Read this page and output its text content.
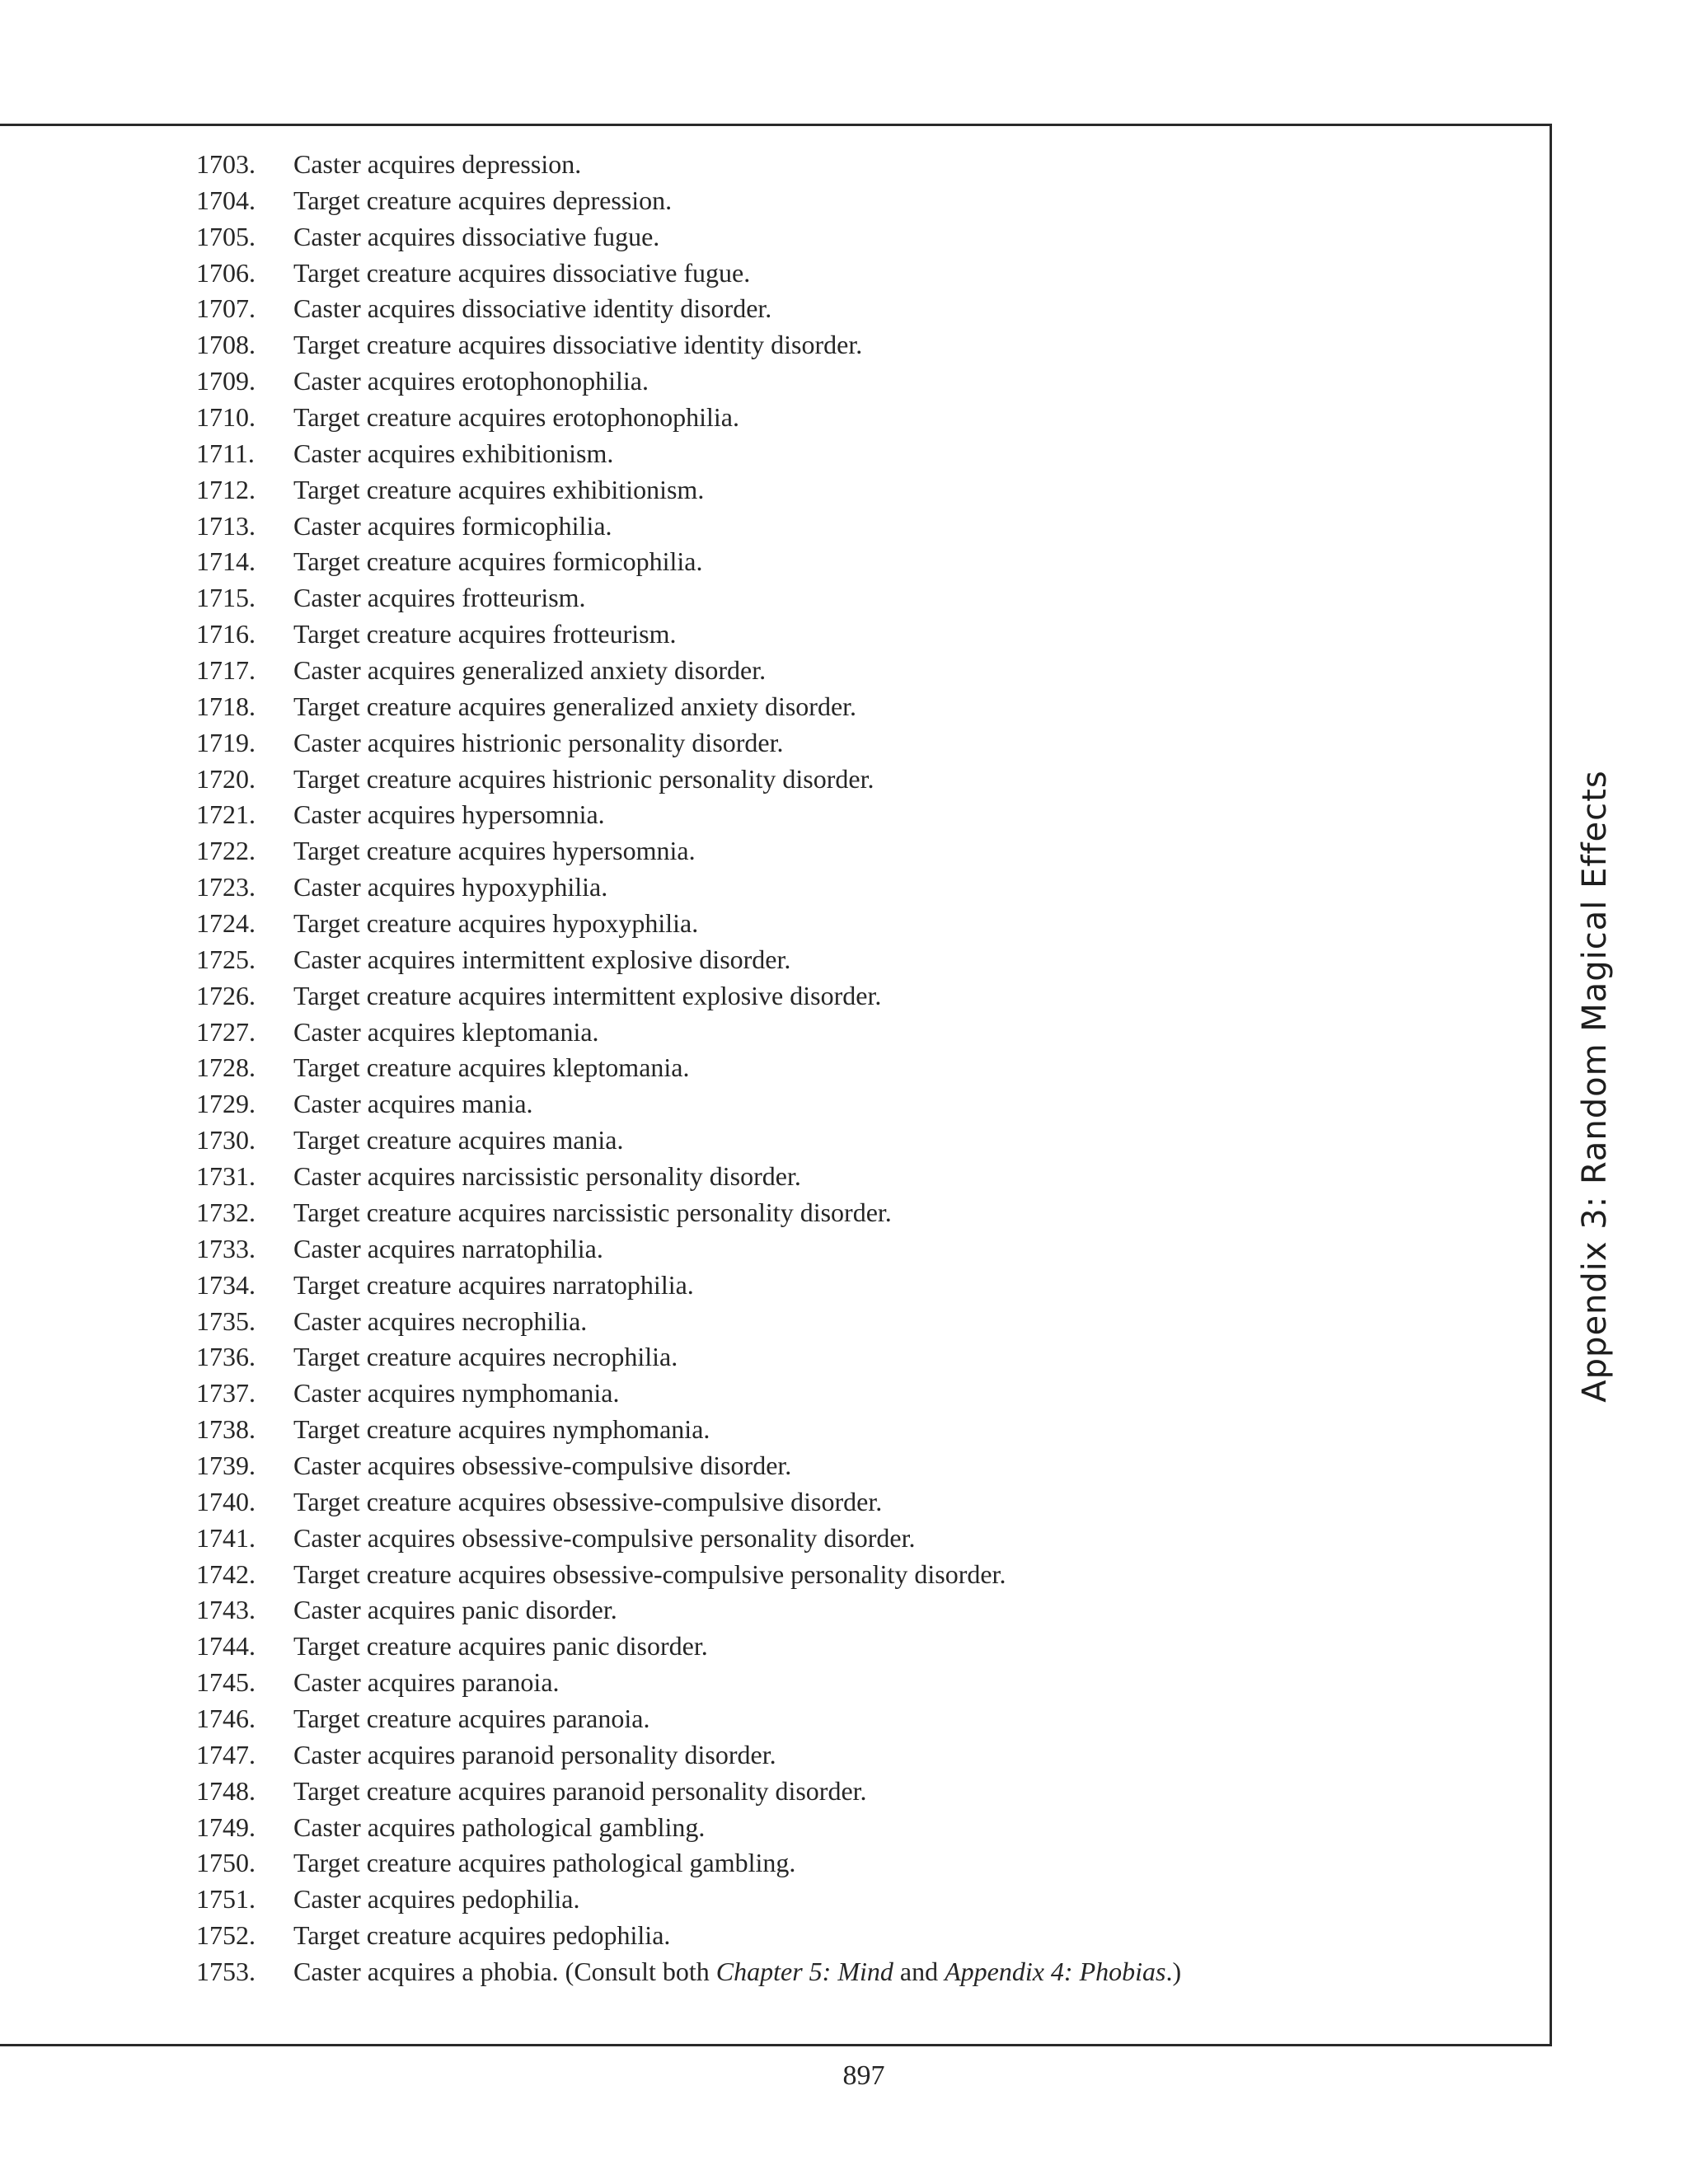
1703.	Caster acquires depression.
1704.	Target creature acquires depression.
1705.	Caster acquires dissociative fugue.
1706.	Target creature acquires dissociative fugue.
1707.	Caster acquires dissociative identity disorder.
1708.	Target creature acquires dissociative identity disorder.
1709.	Caster acquires erotophonophilia.
1710.	Target creature acquires erotophonophilia.
1711.	Caster acquires exhibitionism.
1712.	Target creature acquires exhibitionism.
1713.	Caster acquires formicophilia.
1714.	Target creature acquires formicophilia.
1715.	Caster acquires frotteurism.
1716.	Target creature acquires frotteurism.
1717.	Caster acquires generalized anxiety disorder.
1718.	Target creature acquires generalized anxiety disorder.
1719.	Caster acquires histrionic personality disorder.
1720.	Target creature acquires histrionic personality disorder.
1721.	Caster acquires hypersomnia.
1722.	Target creature acquires hypersomnia.
1723.	Caster acquires hypoxyphilia.
1724.	Target creature acquires hypoxyphilia.
1725.	Caster acquires intermittent explosive disorder.
1726.	Target creature acquires intermittent explosive disorder.
1727.	Caster acquires kleptomania.
1728.	Target creature acquires kleptomania.
1729.	Caster acquires mania.
1730.	Target creature acquires mania.
1731.	Caster acquires narcissistic personality disorder.
1732.	Target creature acquires narcissistic personality disorder.
1733.	Caster acquires narratophilia.
1734.	Target creature acquires narratophilia.
1735.	Caster acquires necrophilia.
1736.	Target creature acquires necrophilia.
1737.	Caster acquires nymphomania.
1738.	Target creature acquires nymphomania.
1739.	Caster acquires obsessive-compulsive disorder.
1740.	Target creature acquires obsessive-compulsive disorder.
1741.	Caster acquires obsessive-compulsive personality disorder.
1742.	Target creature acquires obsessive-compulsive personality disorder.
1743.	Caster acquires panic disorder.
1744.	Target creature acquires panic disorder.
1745.	Caster acquires paranoia.
1746.	Target creature acquires paranoia.
1747.	Caster acquires paranoid personality disorder.
1748.	Target creature acquires paranoid personality disorder.
1749.	Caster acquires pathological gambling.
1750.	Target creature acquires pathological gambling.
1751.	Caster acquires pedophilia.
1752.	Target creature acquires pedophilia.
1753.	Caster acquires a phobia. (Consult both Chapter 5: Mind and Appendix 4: Phobias.)
Appendix 3: Random Magical Effects
897
